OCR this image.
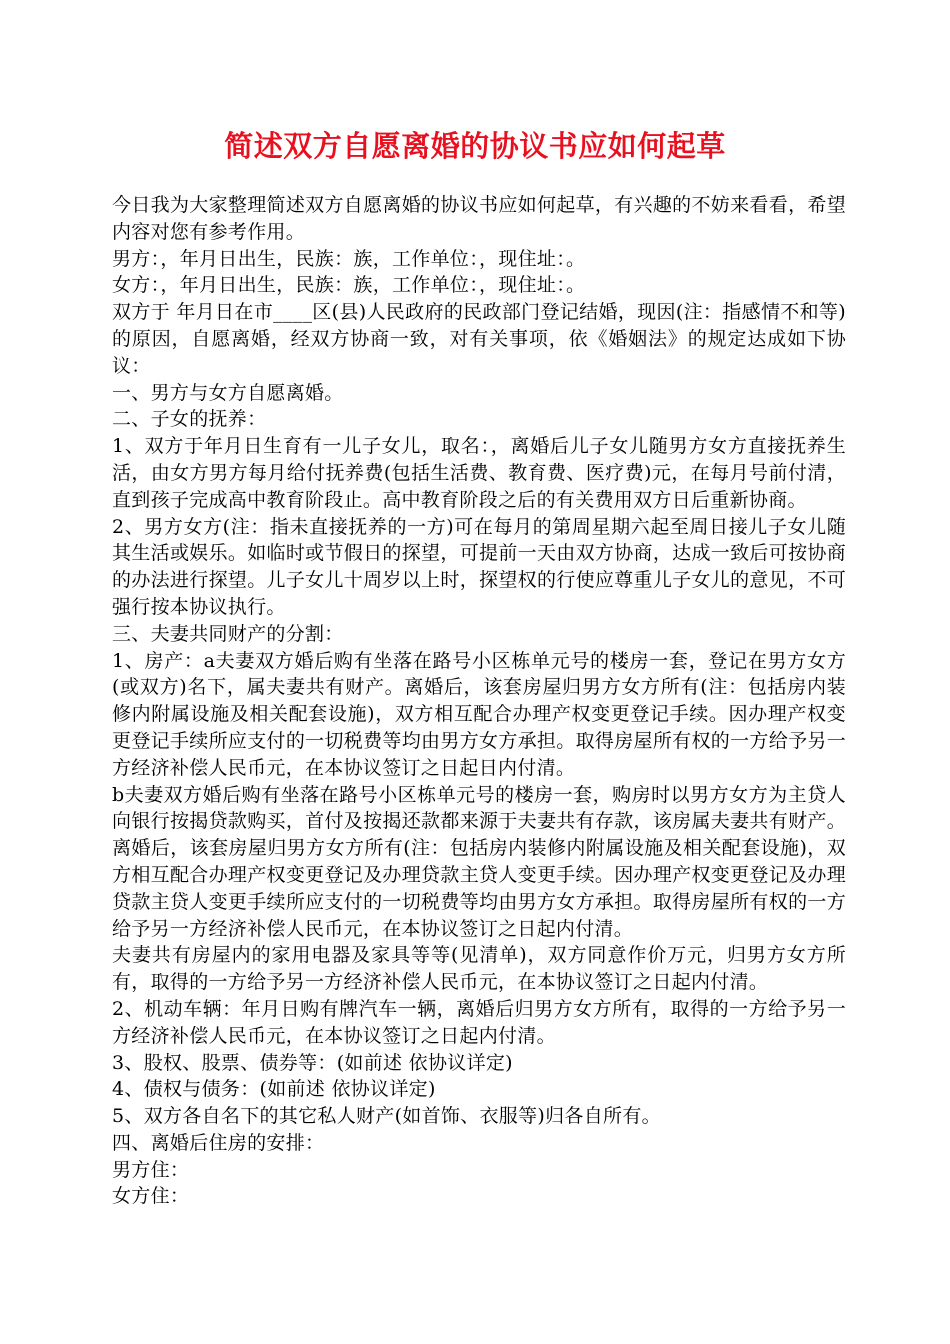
简述双方自愿离婚的协议书应如何起草

今日我为大家整理简述双方自愿离婚的协议书应如何起草，有兴趣的不妨来看看，希望内容对您有参考作用。

男方：，年月日出生，民族：族，工作单位：，现住址：。

女方：，年月日出生，民族：族，工作单位：，现住址：。

双方于 年月日在市____区(县)人民政府的民政部门登记结婚，现因(注：指感情不和等)的原因，自愿离婚，经双方协商一致，对有关事项，依《婚姻法》的规定达成如下协议：

一、男方与女方自愿离婚。

二、子女的抚养：

1、双方于年月日生育有一儿子女儿，取名：，离婚后儿子女儿随男方女方直接抚养生活，由女方男方每月给付抚养费(包括生活费、教育费、医疗费)元，在每月号前付清，直到孩子完成高中教育阶段止。高中教育阶段之后的有关费用双方日后重新协商。

2、男方女方(注：指未直接抚养的一方)可在每月的第周星期六起至周日接儿子女儿随其生活或娱乐。如临时或节假日的探望，可提前一天由双方协商，达成一致后可按协商的办法进行探望。儿子女儿十周岁以上时，探望权的行使应尊重儿子女儿的意见，不可强行按本协议执行。

三、夫妻共同财产的分割：

1、房产：a夫妻双方婚后购有坐落在路号小区栋单元号的楼房一套，登记在男方女方(或双方)名下，属夫妻共有财产。离婚后，该套房屋归男方女方所有(注：包括房内装修内附属设施及相关配套设施)，双方相互配合办理产权变更登记手续。因办理产权变更登记手续所应支付的一切税费等均由男方女方承担。取得房屋所有权的一方给予另一方经济补偿人民币元，在本协议签订之日起日内付清。

b夫妻双方婚后购有坐落在路号小区栋单元号的楼房一套，购房时以男方女方为主贷人向银行按揭贷款购买，首付及按揭还款都来源于夫妻共有存款，该房属夫妻共有财产。离婚后，该套房屋归男方女方所有(注：包括房内装修内附属设施及相关配套设施)，双方相互配合办理产权变更登记及办理贷款主贷人变更手续。因办理产权变更登记及办理贷款主贷人变更手续所应支付的一切税费等均由男方女方承担。取得房屋所有权的一方给予另一方经济补偿人民币元，在本协议签订之日起内付清。

夫妻共有房屋内的家用电器及家具等等(见清单)，双方同意作价万元，归男方女方所有，取得的一方给予另一方经济补偿人民币元，在本协议签订之日起内付清。

2、机动车辆：年月日购有牌汽车一辆，离婚后归男方女方所有，取得的一方给予另一方经济补偿人民币元，在本协议签订之日起内付清。

3、股权、股票、债券等：(如前述 依协议详定)

4、债权与债务：(如前述 依协议详定)

5、双方各自名下的其它私人财产(如首饰、衣服等)归各自所有。

四、离婚后住房的安排：

男方住：

女方住：
